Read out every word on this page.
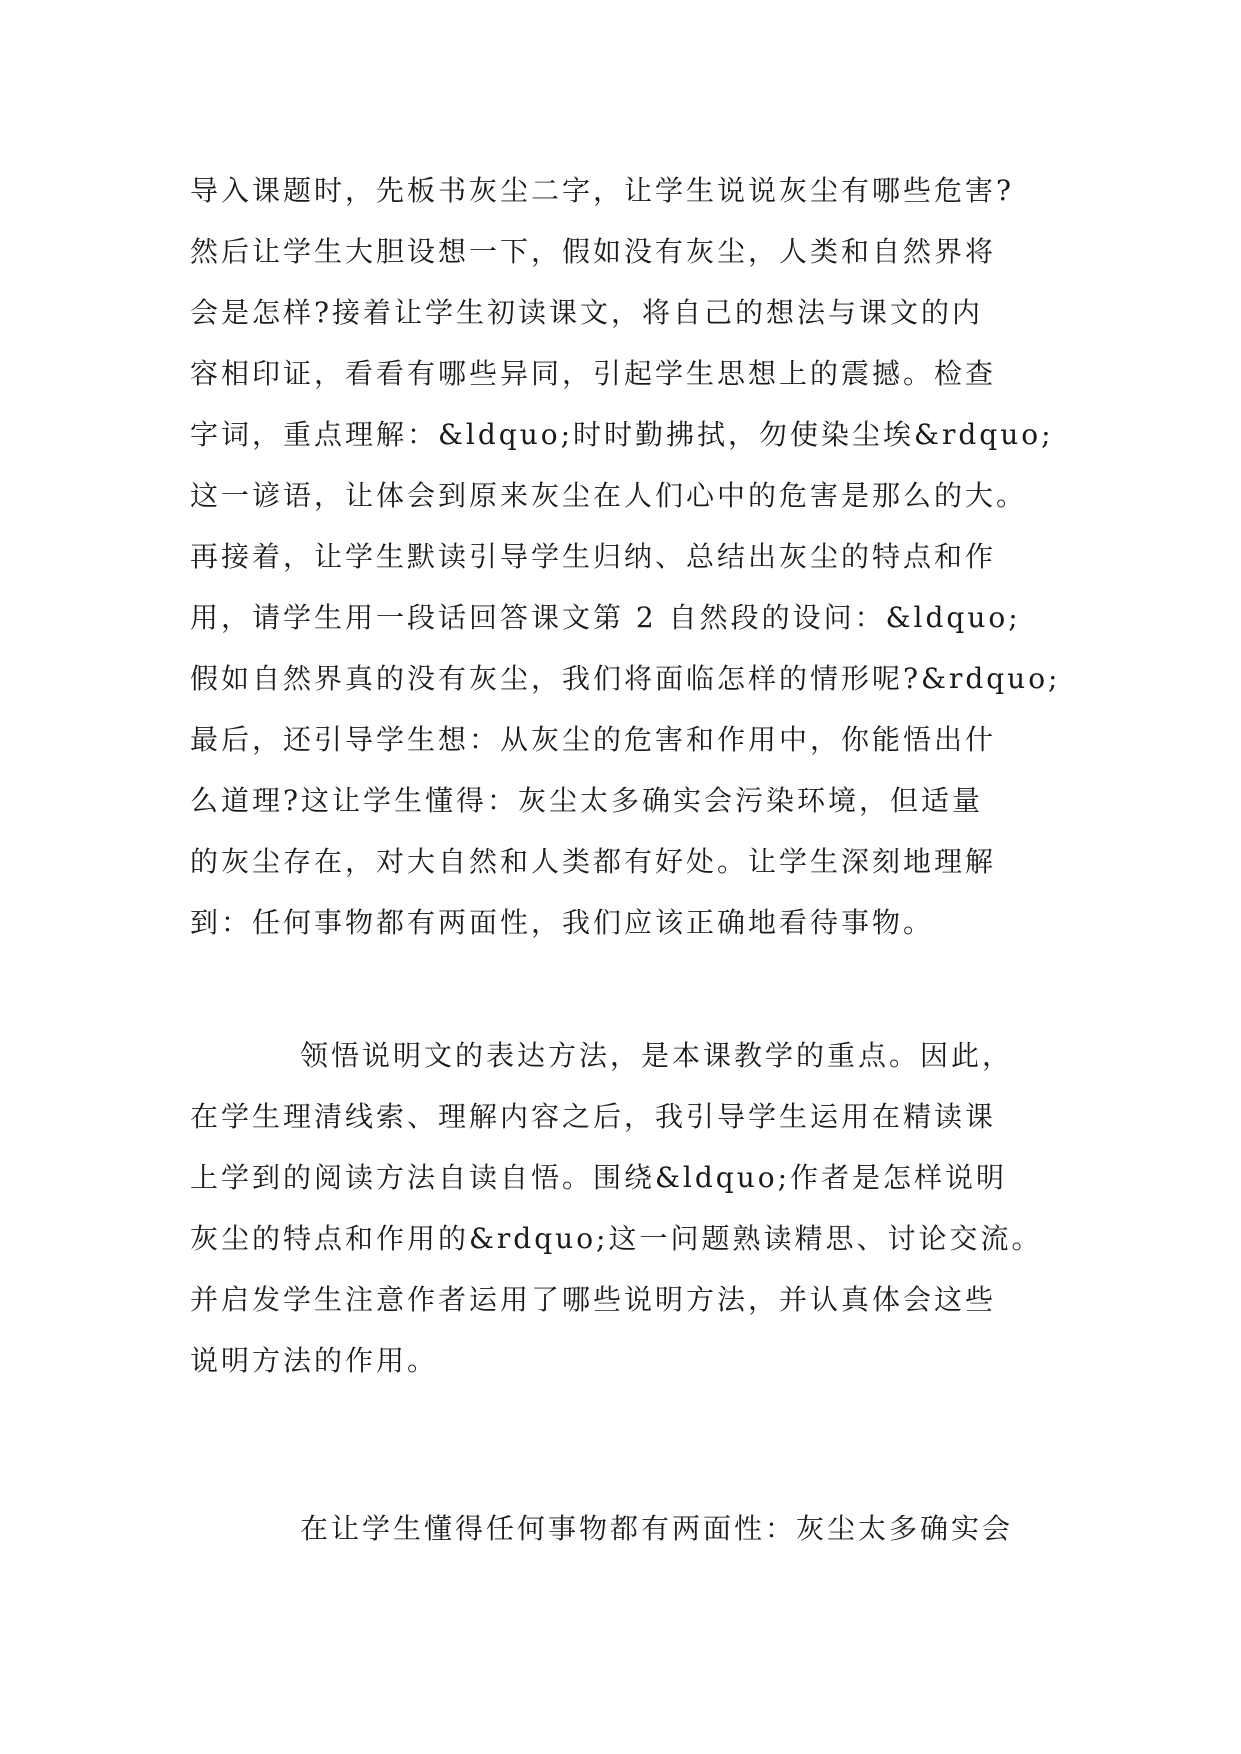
导入课题时，先板书灰尘二字，让学生说说灰尘有哪些危害?
然后让学生大胆设想一下，假如没有灰尘，人类和自然界将
会是怎样?接着让学生初读课文，将自己的想法与课文的内
容相印证，看看有哪些异同，引起学生思想上的震撼。检查
字词，重点理解：&ldquo;时时勤拂拭，勿使染尘埃&rdquo;
这一谚语，让体会到原来灰尘在人们心中的危害是那么的大。
再接着，让学生默读引导学生归纳、总结出灰尘的特点和作
用，请学生用一段话回答课文第 2 自然段的设问：&ldquo;
假如自然界真的没有灰尘，我们将面临怎样的情形呢?&rdquo;
最后，还引导学生想：从灰尘的危害和作用中，你能悟出什
么道理?这让学生懂得：灰尘太多确实会污染环境，但适量
的灰尘存在，对大自然和人类都有好处。让学生深刻地理解
到：任何事物都有两面性，我们应该正确地看待事物。
领悟说明文的表达方法，是本课教学的重点。因此，
在学生理清线索、理解内容之后，我引导学生运用在精读课
上学到的阅读方法自读自悟。围绕&ldquo;作者是怎样说明
灰尘的特点和作用的&rdquo;这一问题熟读精思、讨论交流。
并启发学生注意作者运用了哪些说明方法，并认真体会这些
说明方法的作用。
在让学生懂得任何事物都有两面性：灰尘太多确实会
